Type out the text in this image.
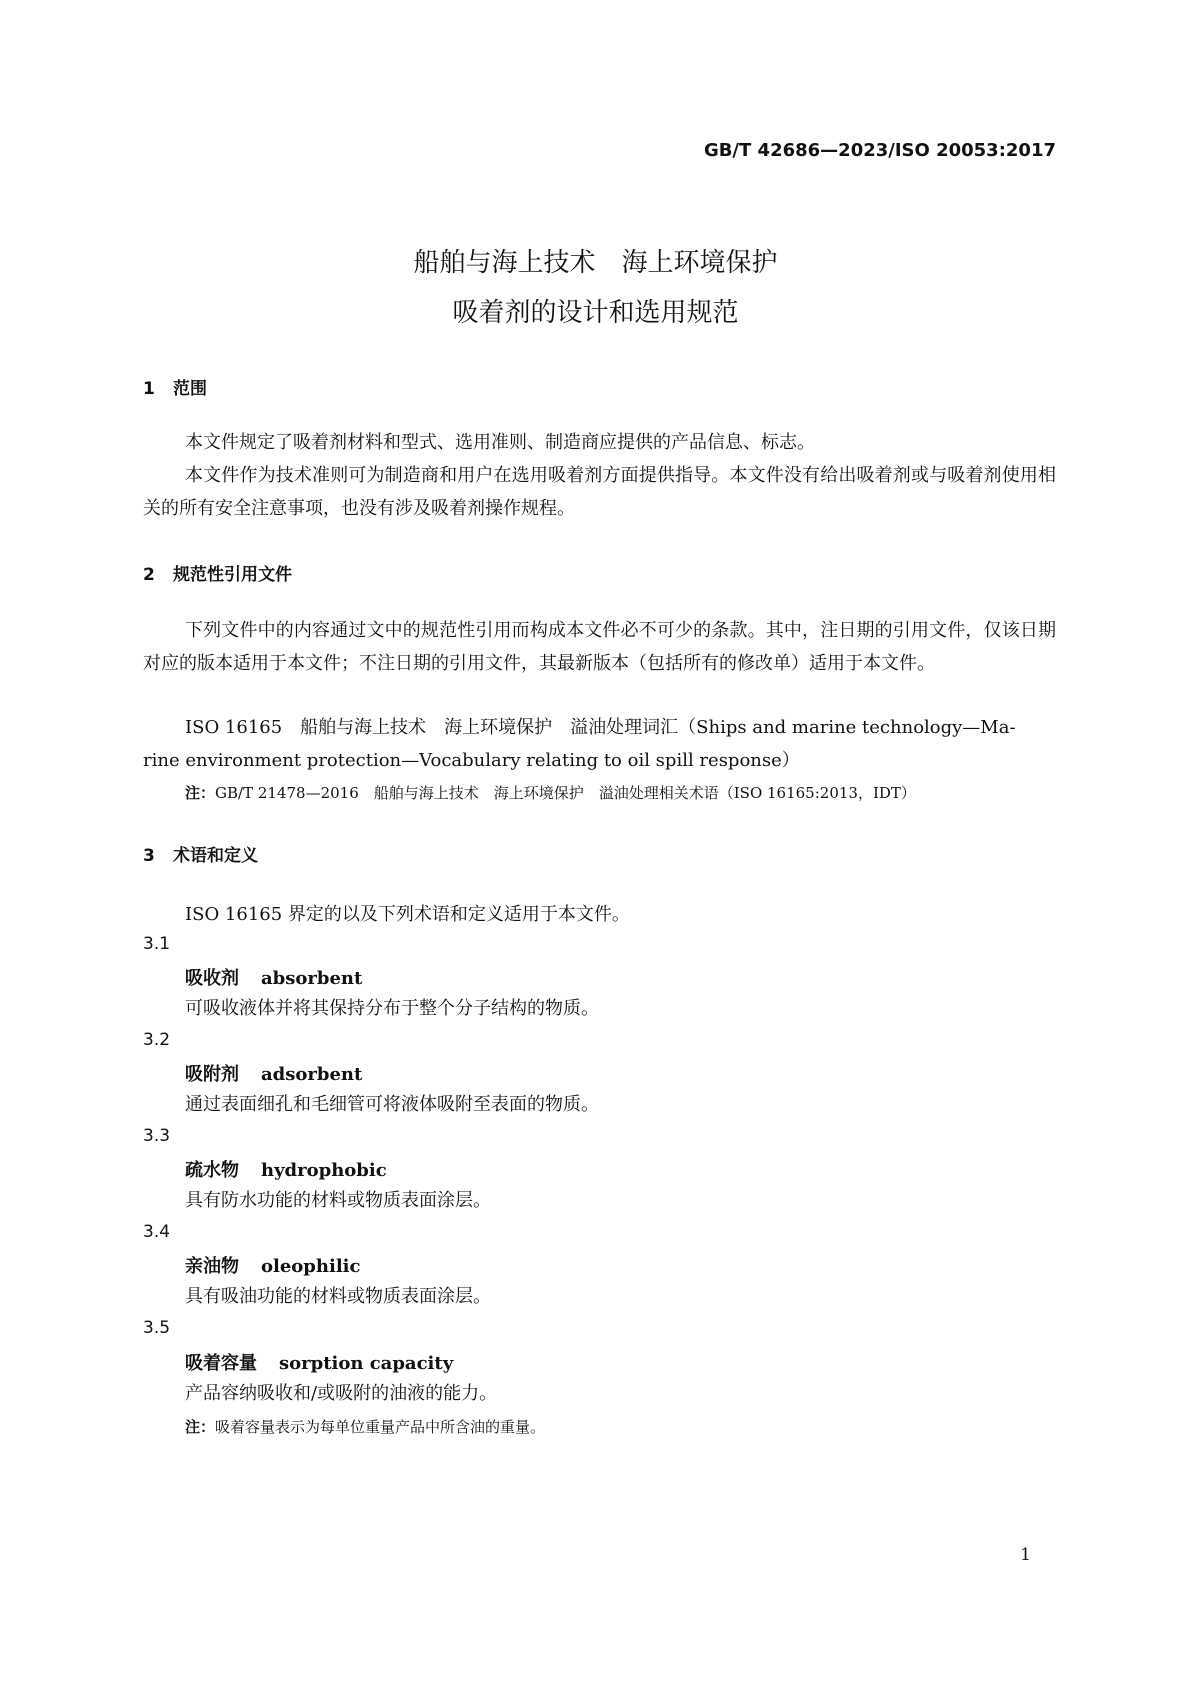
GB/T 42686—2023/ISO 20053:2017
船舶与海上技术　海上环境保护
吸着剂的设计和选用规范
1 范围
本文件规定了吸着剂材料和型式、选用准则、制造商应提供的产品信息、标志。
本文件作为技术准则可为制造商和用户在选用吸着剂方面提供指导。本文件没有给出吸着剂或与吸着剂使用相关的所有安全注意事项，也没有涉及吸着剂操作规程。
2 规范性引用文件
下列文件中的内容通过文中的规范性引用而构成本文件必不可少的条款。其中，注日期的引用文件，仅该日期对应的版本适用于本文件；不注日期的引用文件，其最新版本（包括所有的修改单）适用于本文件。
ISO 16165　船舶与海上技术　海上环境保护　溢油处理词汇（Ships and marine technology—Ma-
rine environment protection—Vocabulary relating to oil spill response）
注：GB/T 21478—2016　船舶与海上技术　海上环境保护　溢油处理相关术语（ISO 16165:2013，IDT）
3 术语和定义
ISO 16165 界定的以及下列术语和定义适用于本文件。
3.1
吸收剂 absorbent
可吸收液体并将其保持分布于整个分子结构的物质。
3.2
吸附剂 adsorbent
通过表面细孔和毛细管可将液体吸附至表面的物质。
3.3
疏水物 hydrophobic
具有防水功能的材料或物质表面涂层。
3.4
亲油物 oleophilic
具有吸油功能的材料或物质表面涂层。
3.5
吸着容量 sorption capacity
产品容纳吸收和/或吸附的油液的能力。
注：吸着容量表示为每单位重量产品中所含油的重量。
1
